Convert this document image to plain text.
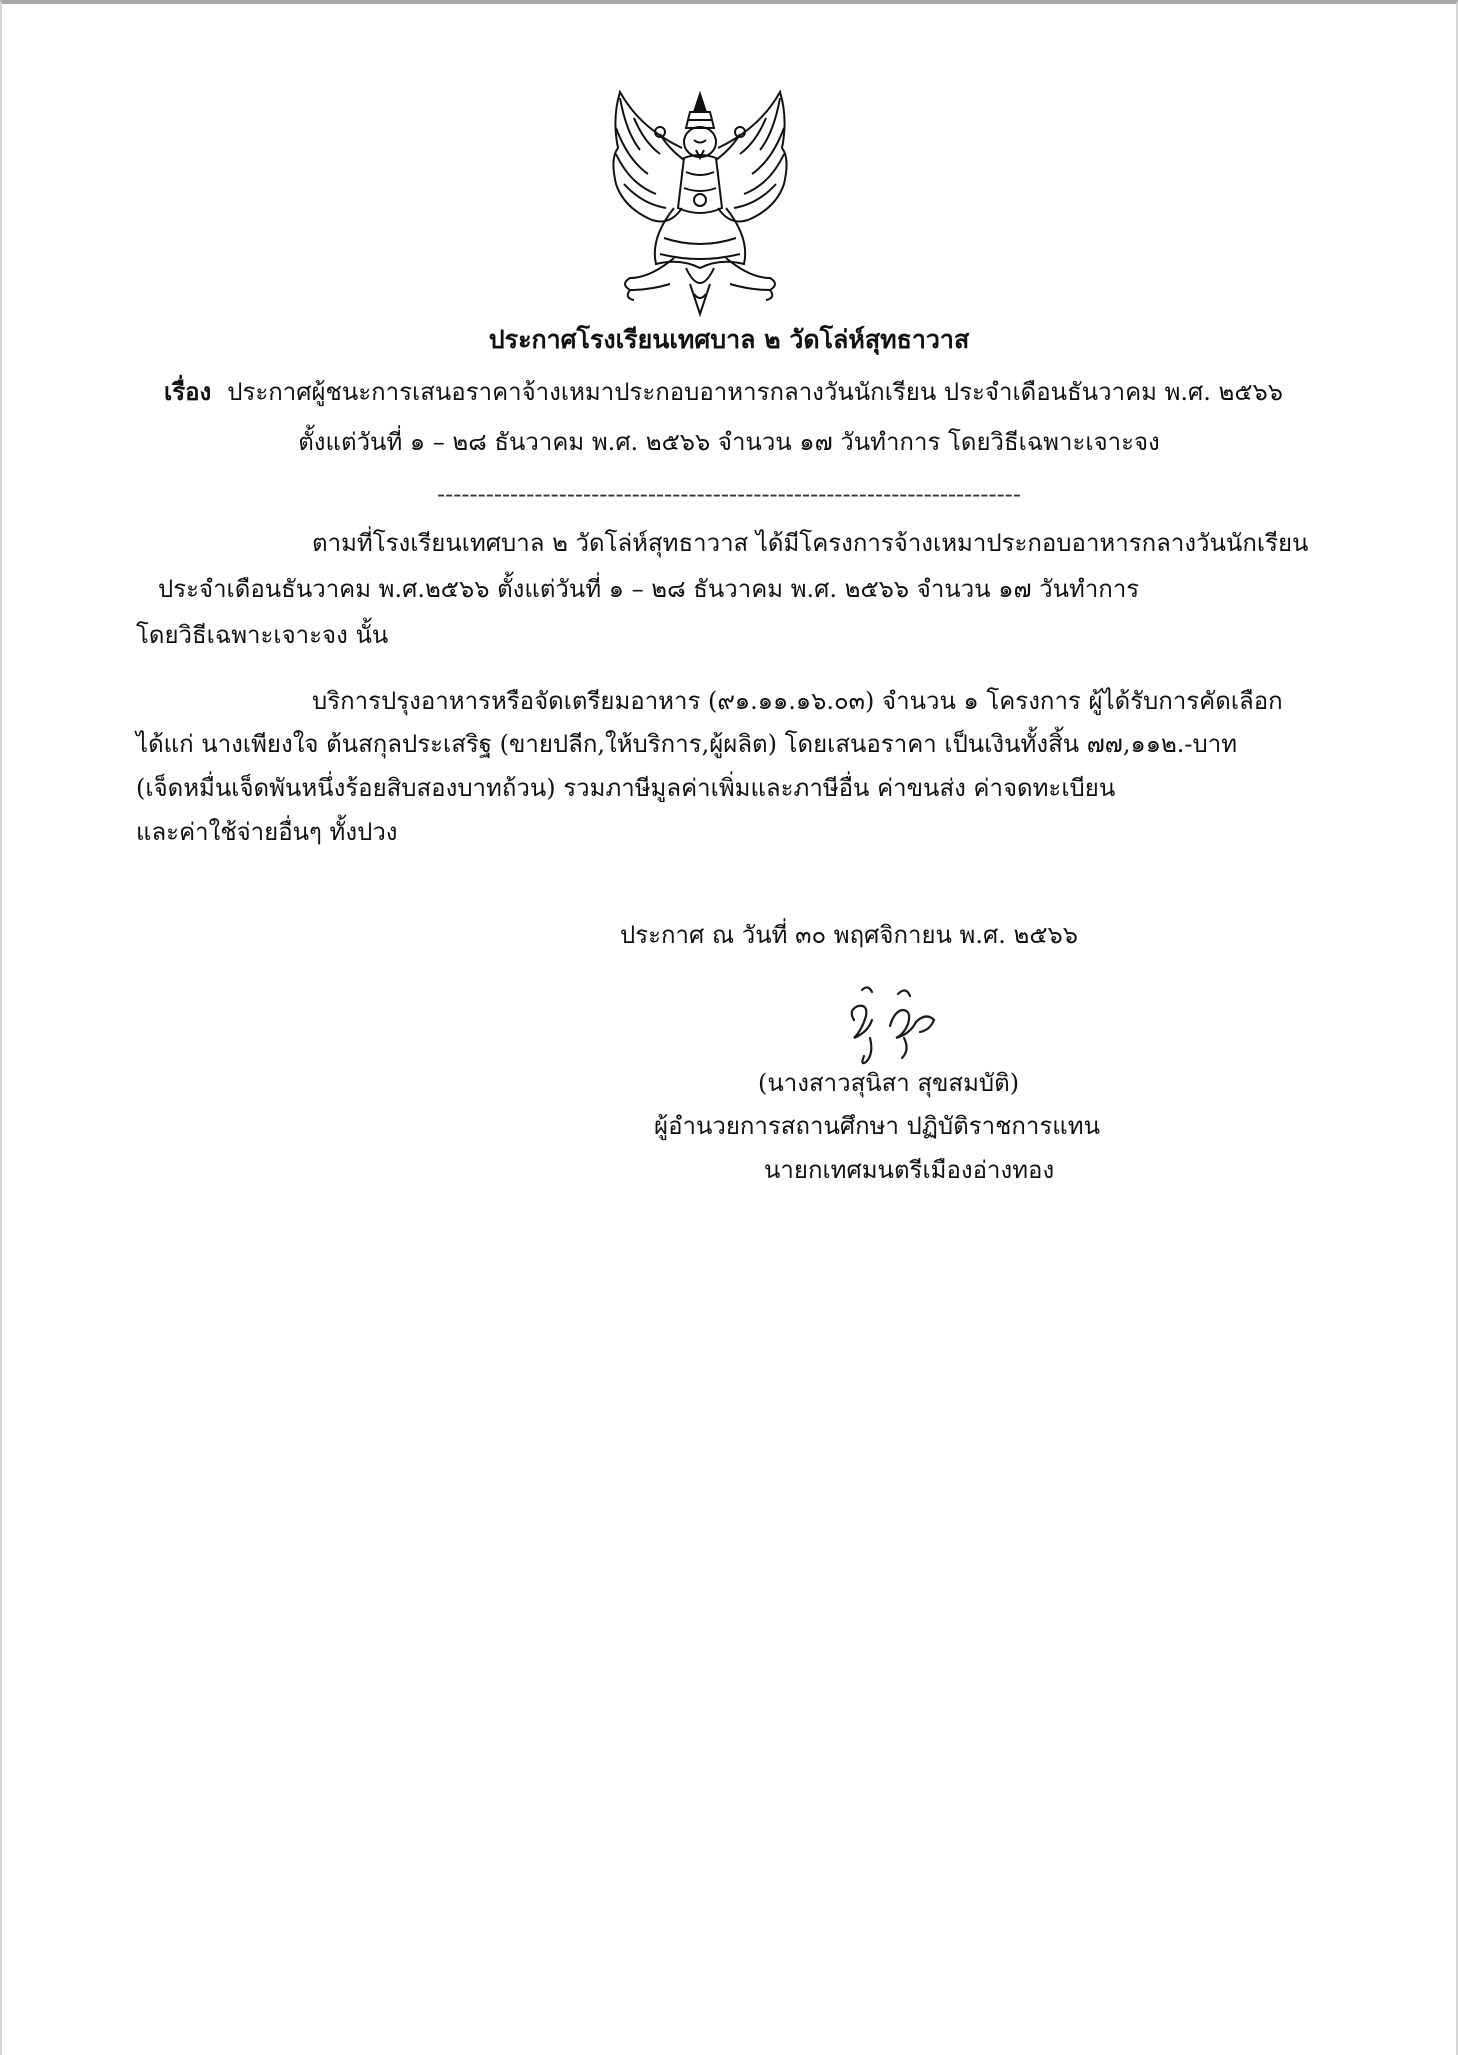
ประกาศโรงเรียนเทศบาล ๒ วัดโล่ห์สุทธาวาส
เรื่อง ประกาศผู้ชนะการเสนอราคาจ้างเหมาประกอบอาหารกลางวันนักเรียน ประจำเดือนธันวาคม พ.ศ. ๒๕๖๖
ตั้งแต่วันที่ ๑ – ๒๘ ธันวาคม พ.ศ. ๒๕๖๖ จำนวน ๑๗ วันทำการ โดยวิธีเฉพาะเจาะจง
------------------------------------------------------------------------
ตามที่โรงเรียนเทศบาล ๒ วัดโล่ห์สุทธาวาส ได้มีโครงการจ้างเหมาประกอบอาหารกลางวันนักเรียน
ประจำเดือนธันวาคม พ.ศ.๒๕๖๖ ตั้งแต่วันที่ ๑ – ๒๘ ธันวาคม พ.ศ. ๒๕๖๖ จำนวน ๑๗ วันทำการ
โดยวิธีเฉพาะเจาะจง นั้น
บริการปรุงอาหารหรือจัดเตรียมอาหาร (๙๑.๑๑.๑๖.๐๓) จำนวน ๑ โครงการ ผู้ได้รับการคัดเลือก
ได้แก่ นางเพียงใจ ต้นสกุลประเสริฐ (ขายปลีก,ให้บริการ,ผู้ผลิต) โดยเสนอราคา เป็นเงินทั้งสิ้น ๗๗,๑๑๒.-บาท
(เจ็ดหมื่นเจ็ดพันหนึ่งร้อยสิบสองบาทถ้วน) รวมภาษีมูลค่าเพิ่มและภาษีอื่น ค่าขนส่ง ค่าจดทะเบียน
และค่าใช้จ่ายอื่นๆ ทั้งปวง
ประกาศ ณ วันที่ ๓๐ พฤศจิกายน พ.ศ. ๒๕๖๖
(นางสาวสุนิสา สุขสมบัติ)
ผู้อำนวยการสถานศึกษา ปฏิบัติราชการแทน
นายกเทศมนตรีเมืองอ่างทอง
